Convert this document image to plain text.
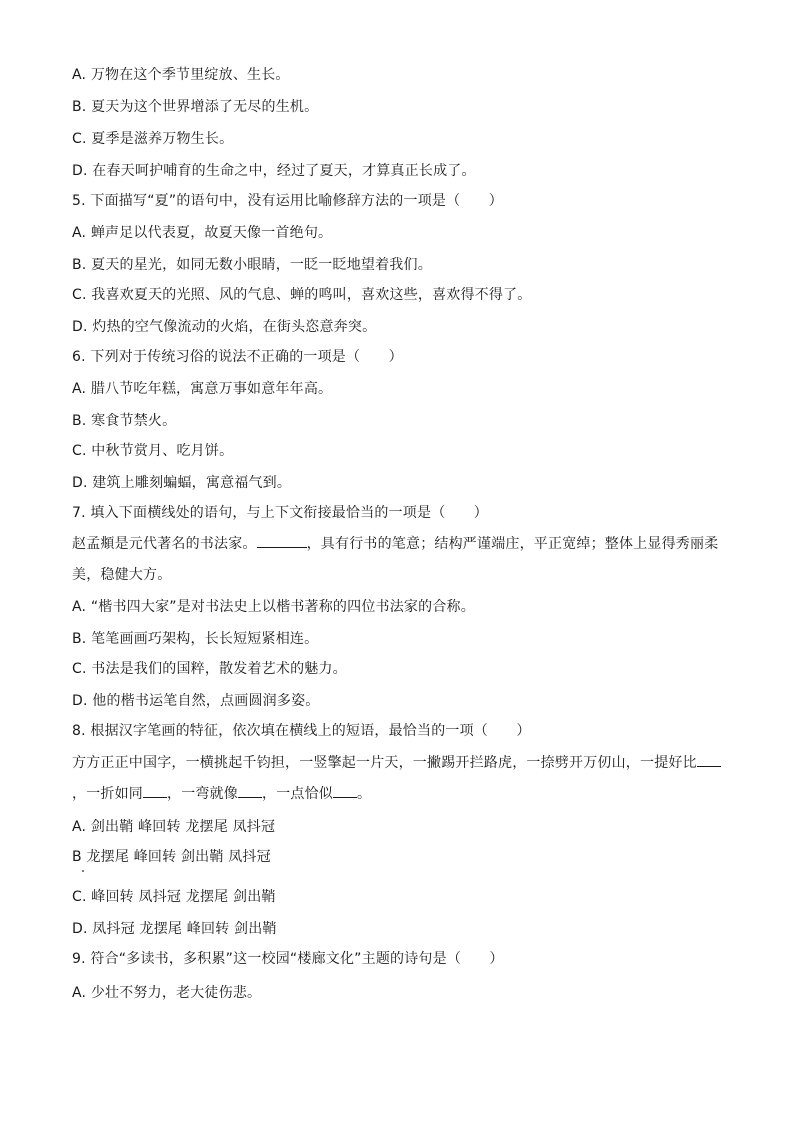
A. 万物在这个季节里绽放、生长。
B. 夏天为这个世界增添了无尽的生机。
C. 夏季是滋养万物生长。
D. 在春天呵护哺育的生命之中，经过了夏天，才算真正长成了。
5. 下面描写“夏”的语句中，没有运用比喻修辞方法的一项是（　　）
A. 蝉声足以代表夏，故夏天像一首绝句。
B. 夏天的星光，如同无数小眼睛，一眨一眨地望着我们。
C. 我喜欢夏天的光照、风的气息、蝉的鸣叫，喜欢这些，喜欢得不得了。
D. 灼热的空气像流动的火焰，在街头恣意奔突。
6. 下列对于传统习俗的说法不正确的一项是（　　）
A. 腊八节吃年糕，寓意万事如意年年高。
B. 寒食节禁火。
C. 中秋节赏月、吃月饼。
D. 建筑上雕刻蝙蝠，寓意福气到。
7. 填入下面横线处的语句，与上下文衔接最恰当的一项是（　　）
赵孟頫是元代著名的书法家。	，具有行书的笔意；结构严谨端庄，平正宽绰；整体上显得秀丽柔美，稳健大方。
A. “楷书四大家”是对书法史上以楷书著称的四位书法家的合称。
B. 笔笔画画巧架构，长长短短紧相连。
C. 书法是我们的国粹，散发着艺术的魅力。
D. 他的楷书运笔自然，点画圆润多姿。
8. 根据汉字笔画的特征，依次填在横线上的短语，最恰当的一项（　　）
方方正正中国字，一横挑起千钧担，一竖擎起一片天，一撇踢开拦路虎，一捺劈开万仞山，一提好比，一折如同 ，一弯就像 ，一点恰似 。
A. 剑出鞘 峰回转 龙摆尾 凤抖冠
B 龙摆尾 峰回转 剑出鞘 凤抖冠
C. 峰回转 凤抖冠 龙摆尾 剑出鞘
D. 凤抖冠 龙摆尾 峰回转 剑出鞘
9. 符合“多读书，多积累”这一校园“楼廊文化”主题的诗句是（　　）
A. 少壮不努力，老大徒伤悲。
